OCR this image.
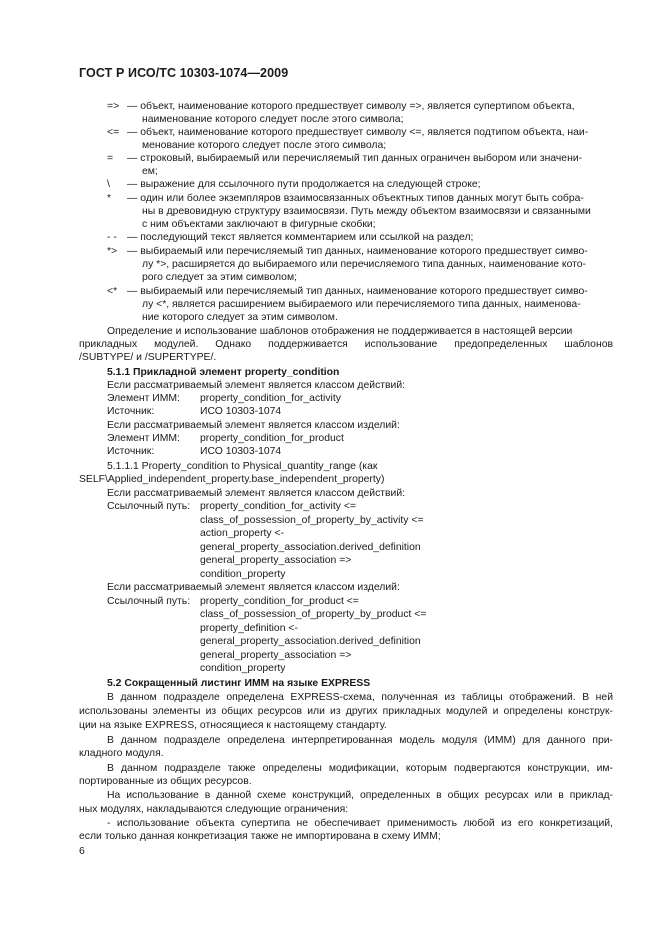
ГОСТ Р ИСО/ТС 10303-1074—2009
=> — объект, наименование которого предшествует символу =>, является супертипом объекта,
наименование которого следует после этого символа;
<= — объект, наименование которого предшествует символу <=, является подтипом объекта, наи-
менование которого следует после этого символа;
= — строковый, выбираемый или перечисляемый тип данных ограничен выбором или значени-
ем;
\ — выражение для ссылочного пути продолжается на следующей строке;
* — один или более экземпляров взаимосвязанных объектных типов данных могут быть собра-
ны в древовидную структуру взаимосвязи. Путь между объектом взаимосвязи и связанными
с ним объектами заключают в фигурные скобки;
- - — последующий текст является комментарием или ссылкой на раздел;
*> — выбираемый или перечисляемый тип данных, наименование которого предшествует симво-
лу *>, расширяется до выбираемого или перечисляемого типа данных, наименование кото-
рого следует за этим символом;
<* — выбираемый или перечисляемый тип данных, наименование которого предшествует симво-
лу <*, является расширением выбираемого или перечисляемого типа данных, наименова-
ние которого следует за этим символом.
Определение и использование шаблонов отображения не поддерживается в настоящей версии
прикладных модулей. Однако поддерживается использование предопределенных шаблонов
/SUBTYPE/ и /SUPERTYPE/.
5.1.1 Прикладной элемент property_condition
Если рассматриваемый элемент является классом действий:
Элемент ИММ: property_condition_for_activity
Источник:	ИСО 10303-1074
Если рассматриваемый элемент является классом изделий:
Элемент ИММ: property_condition_for_product
Источник:	ИСО 10303-1074
5.1.1.1 Property_condition to Physical_quantity_range (как
SELF\Applied_independent_property.base_independent_property)
Если рассматриваемый элемент является классом действий:
Ссылочный путь: property_condition_for_activity <=
class_of_possession_of_property_by_activity <=
action_property <-
general_property_association.derived_definition
general_property_association =>
condition_property
Если рассматриваемый элемент является классом изделий:
Ссылочный путь: property_condition_for_product <=
class_of_possession_of_property_by_product <=
property_definition <-
general_property_association.derived_definition
general_property_association =>
condition_property
5.2 Сокращенный листинг ИММ на языке EXPRESS
В данном подразделе определена EXPRESS-схема, полученная из таблицы отображений. В ней
использованы элементы из общих ресурсов или из других прикладных модулей и определены конструк-
ции на языке EXPRESS, относящиеся к настоящему стандарту.
В данном подразделе определена интерпретированная модель модуля (ИММ) для данного при-
кладного модуля.
В данном подразделе также определены модификации, которым подвергаются конструкции, им-
портированные из общих ресурсов.
На использование в данной схеме конструкций, определенных в общих ресурсах или в приклад-
ных модулях, накладываются следующие ограничения:
- использование объекта супертипа не обеспечивает применимость любой из его конкретизаций,
если только данная конкретизация также не импортирована в схему ИММ;
6
